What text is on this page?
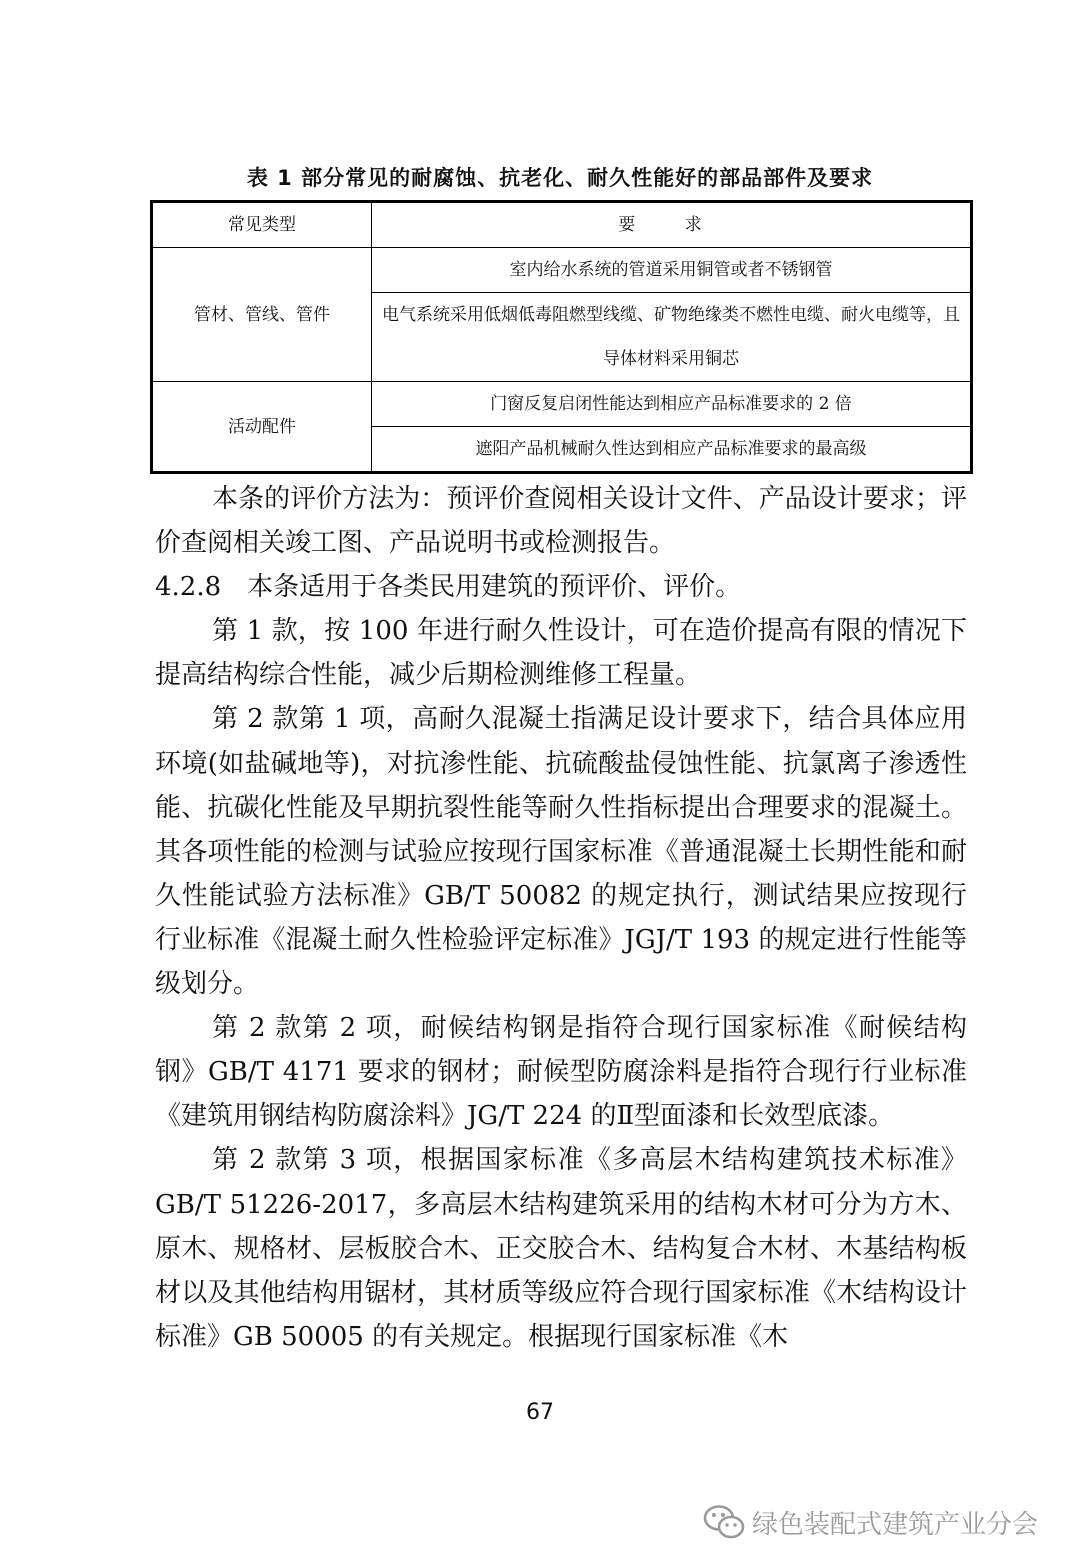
表 1 部分常见的耐腐蚀、抗老化、耐久性能好的部品部件及要求
常见类型	要 求
管材、管线、管件	室内给水系统的管道采用铜管或者不锈钢管
	电气系统采用低烟低毒阻燃型线缆、矿物绝缘类不燃性电缆、耐火电缆等，且导体材料采用铜芯
活动配件	门窗反复启闭性能达到相应产品标准要求的 2 倍
	遮阳产品机械耐久性达到相应产品标准要求的最高级

本条的评价方法为：预评价查阅相关设计文件、产品设计要求；评价查阅相关竣工图、产品说明书或检测报告。

4.2.8　本条适用于各类民用建筑的预评价、评价。

第 1 款，按 100 年进行耐久性设计，可在造价提高有限的情况下提高结构综合性能，减少后期检测维修工程量。

第 2 款第 1 项，高耐久混凝土指满足设计要求下，结合具体应用环境(如盐碱地等)，对抗渗性能、抗硫酸盐侵蚀性能、抗氯离子渗透性能、抗碳化性能及早期抗裂性能等耐久性指标提出合理要求的混凝土。其各项性能的检测与试验应按现行国家标准《普通混凝土长期性能和耐久性能试验方法标准》GB/T 50082 的规定执行，测试结果应按现行行业标准《混凝土耐久性检验评定标准》JGJ/T 193 的规定进行性能等级划分。

第 2 款第 2 项，耐候结构钢是指符合现行国家标准《耐候结构钢》GB/T 4171 要求的钢材；耐候型防腐涂料是指符合现行行业标准《建筑用钢结构防腐涂料》JG/T 224 的Ⅱ型面漆和长效型底漆。

第 2 款第 3 项，根据国家标准《多高层木结构建筑技术标准》GB/T 51226-2017，多高层木结构建筑采用的结构木材可分为方木、原木、规格材、层板胶合木、正交胶合木、结构复合木材、木基结构板材以及其他结构用锯材，其材质等级应符合现行国家标准《木结构设计标准》GB 50005 的有关规定。根据现行国家标准《木

67
绿色装配式建筑产业分会
